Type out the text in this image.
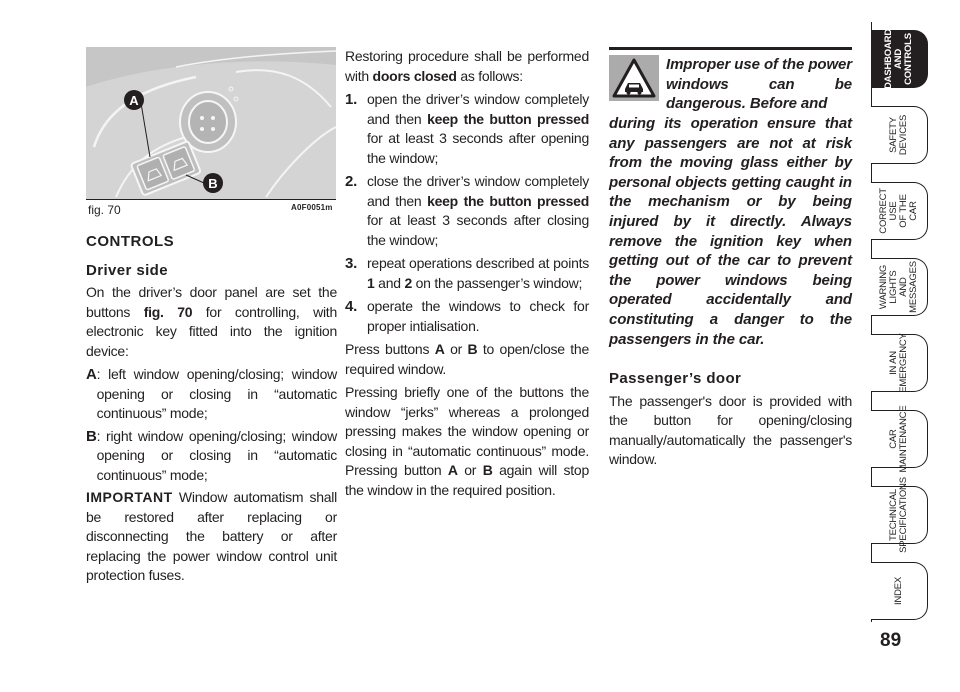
A
B
fig. 70	A0F0051m

CONTROLS

Driver side

On the driver’s door panel are set the buttons fig. 70 for controlling, with electronic key fitted into the ignition device:

A : left window opening/closing; window opening or closing in “automatic continuous” mode;
B : right window opening/closing; window opening or closing in “automatic continuous” mode;

IMPORTANT Window automatism shall be restored after replacing or disconnecting the battery or after replacing the power window control unit protection fuses.

Restoring procedure shall be performed with doors closed as follows:

1. open the driver’s window completely and then keep the button pressed for at least 3 seconds after opening the window;
2. close the driver’s window completely and then keep the button pressed for at least 3 seconds after closing the window;
3. repeat operations described at points 1 and 2 on the passenger’s window;
4. operate the windows to check for proper intialisation.

Press buttons A or B to open/close the required window.

Pressing briefly one of the buttons the window “jerks” whereas a prolonged pressing makes the window opening or closing in “automatic continuous” mode. Pressing button A or B again will stop the window in the required position.

Improper use of the power windows can be dangerous. Before and

during its operation ensure that any passengers are not at risk from the moving glass either by personal objects getting caught in the mechanism or by being injured by it directly. Always remove the ignition key when getting out of the car to prevent the power windows being operated accidentally and constituting a danger to the passengers in the car.

Passenger’s door

The passenger's door is provided with the button for opening/closing manually/automatically the passenger's window.

DASHBOARD
AND
CONTROLS
SAFETY
DEVICES
CORRECT USE
OF THE CAR
WARNING
LIGHTS AND
MESSAGES
IN AN
EMERGENCY
CAR
MAINTENANCE
TECHNICAL
SPECIFICATIONS
INDEX
89
